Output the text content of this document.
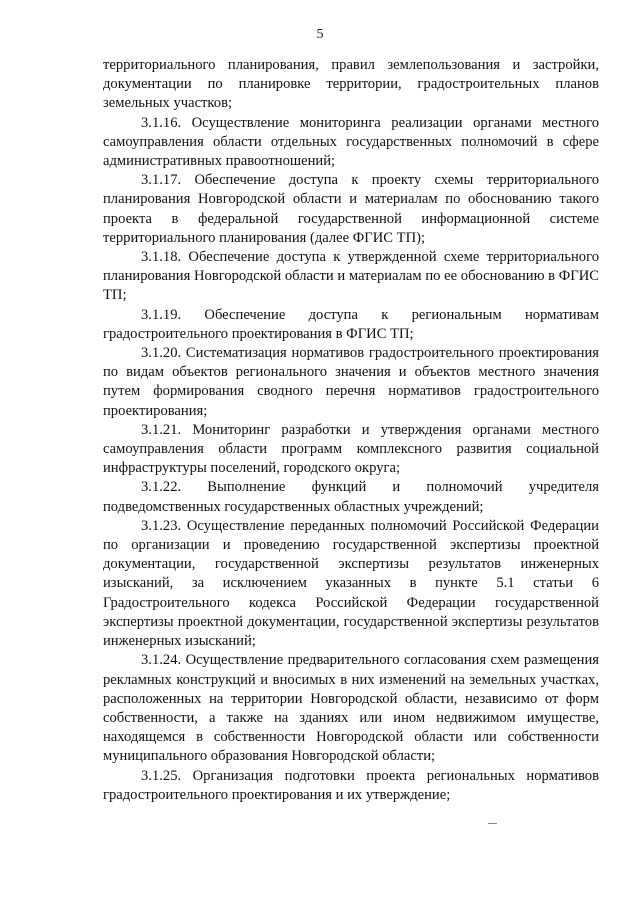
5

территориального планирования, правил землепользования и застройки, документации по планировке территории, градостроительных планов земельных участков;

3.1.16. Осуществление мониторинга реализации органами местного самоуправления области отдельных государственных полномочий в сфере административных правоотношений;

3.1.17. Обеспечение доступа к проекту схемы территориального планирования Новгородской области и материалам по обоснованию такого проекта в федеральной государственной информационной системе территориального планирования (далее ФГИС ТП);

3.1.18. Обеспечение доступа к утвержденной схеме территориального планирования Новгородской области и материалам по ее обоснованию в ФГИС ТП;

3.1.19. Обеспечение доступа к региональным нормативам градостроительного проектирования в ФГИС ТП;

3.1.20. Систематизация нормативов градостроительного проектирования по видам объектов регионального значения и объектов местного значения путем формирования сводного перечня нормативов градостроительного проектирования;

3.1.21. Мониторинг разработки и утверждения органами местного самоуправления области программ комплексного развития социальной инфраструктуры поселений, городского округа;

3.1.22. Выполнение функций и полномочий учредителя подведомственных государственных областных учреждений;

3.1.23. Осуществление переданных полномочий Российской Федерации по организации и проведению государственной экспертизы проектной документации, государственной экспертизы результатов инженерных изысканий, за исключением указанных в пункте 5.1 статьи 6 Градостроительного кодекса Российской Федерации государственной экспертизы проектной документации, государственной экспертизы результатов инженерных изысканий;

3.1.24. Осуществление предварительного согласования схем размещения рекламных конструкций и вносимых в них изменений на земельных участках, расположенных на территории Новгородской области, независимо от форм собственности, а также на зданиях или ином недвижимом имуществе, находящемся в собственности Новгородской области или собственности муниципального образования Новгородской области;

3.1.25. Организация подготовки проекта региональных нормативов градостроительного проектирования и их утверждение;
